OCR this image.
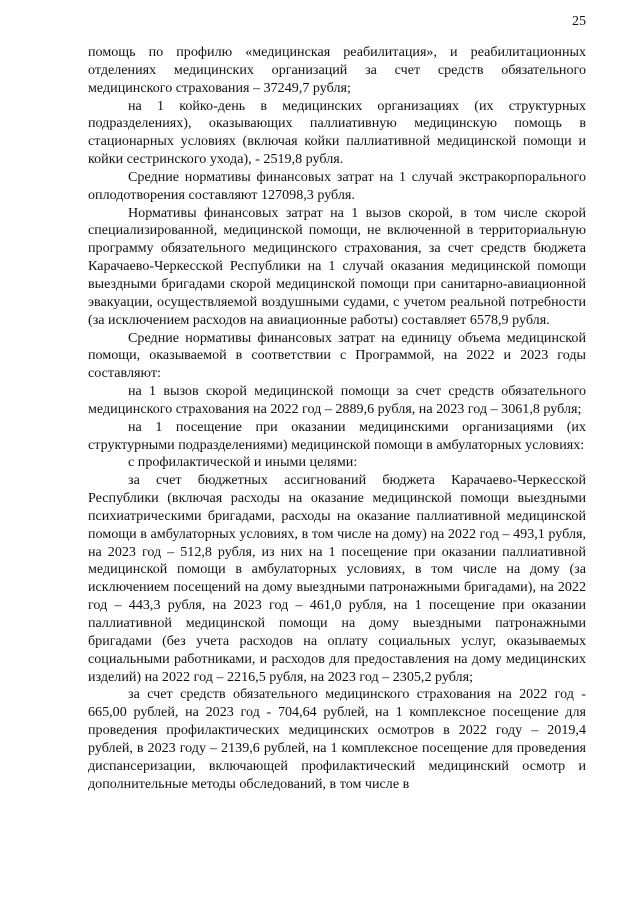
25

помощь по профилю «медицинская реабилитация», и реабилитационных отделениях медицинских организаций за счет средств обязательного медицинского страхования – 37249,7 рубля;

на 1 койко-день в медицинских организациях (их структурных подразделениях), оказывающих паллиативную медицинскую помощь в стационарных условиях (включая койки паллиативной медицинской помощи и койки сестринского ухода), - 2519,8 рубля.

Средние нормативы финансовых затрат на 1 случай экстракорпорального оплодотворения составляют 127098,3 рубля.

Нормативы финансовых затрат на 1 вызов скорой, в том числе скорой специализированной, медицинской помощи, не включенной в территориальную программу обязательного медицинского страхования, за счет средств бюджета Карачаево-Черкесской Республики на 1 случай оказания медицинской помощи выездными бригадами скорой медицинской помощи при санитарно-авиационной эвакуации, осуществляемой воздушными судами, с учетом реальной потребности (за исключением расходов на авиационные работы) составляет 6578,9 рубля.

Средние нормативы финансовых затрат на единицу объема медицинской помощи, оказываемой в соответствии с Программой, на 2022 и 2023 годы составляют:

на 1 вызов скорой медицинской помощи за счет средств обязательного медицинского страхования на 2022 год – 2889,6 рубля, на 2023 год – 3061,8 рубля;

на 1 посещение при оказании медицинскими организациями (их структурными подразделениями) медицинской помощи в амбулаторных условиях:

с профилактической и иными целями:

за счет бюджетных ассигнований бюджета Карачаево-Черкесской Республики (включая расходы на оказание медицинской помощи выездными психиатрическими бригадами, расходы на оказание паллиативной медицинской помощи в амбулаторных условиях, в том числе на дому) на 2022 год – 493,1 рубля, на 2023 год – 512,8 рубля, из них на 1 посещение при оказании паллиативной медицинской помощи в амбулаторных условиях, в том числе на дому (за исключением посещений на дому выездными патронажными бригадами), на 2022 год – 443,3 рубля, на 2023 год – 461,0 рубля, на 1 посещение при оказании паллиативной медицинской помощи на дому выездными патронажными бригадами (без учета расходов на оплату социальных услуг, оказываемых социальными работниками, и расходов для предоставления на дому медицинских изделий) на 2022 год – 2216,5 рубля, на 2023 год – 2305,2 рубля;

за счет средств обязательного медицинского страхования на 2022 год - 665,00 рублей, на 2023 год - 704,64 рублей, на 1 комплексное посещение для проведения профилактических медицинских осмотров в 2022 году – 2019,4 рублей, в 2023 году – 2139,6 рублей, на 1 комплексное посещение для проведения диспансеризации, включающей профилактический медицинский осмотр и дополнительные методы обследований, в том числе в
